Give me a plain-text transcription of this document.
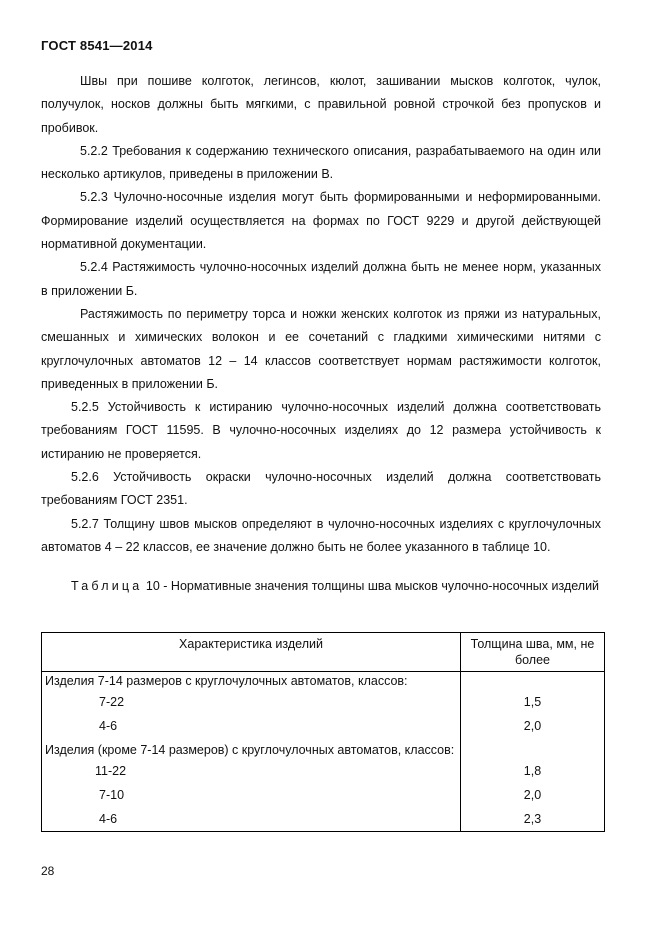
ГОСТ 8541—2014

Швы при пошиве колготок, легинсов, кюлот, зашивании мысков колготок, чулок, получулок, носков должны быть мягкими, с правильной ровной строчкой без пропусков и пробивок.

5.2.2 Требования к содержанию технического описания, разрабатываемого на один или несколько артикулов, приведены в приложении В.

5.2.3 Чулочно-носочные изделия могут быть формированными и неформированными. Формирование изделий осуществляется на формах по ГОСТ 9229 и другой действующей нормативной документации.

5.2.4 Растяжимость чулочно-носочных изделий должна быть не менее норм, указанных в приложении Б.

Растяжимость по периметру торса и ножки женских колготок из пряжи из натуральных, смешанных и химических волокон и ее сочетаний с гладкими химическими нитями с круглочулочных автоматов 12 – 14 классов соответствует нормам растяжимости колготок, приведенных в приложении Б.

5.2.5 Устойчивость к истиранию чулочно-носочных изделий должна соответствовать требованиям ГОСТ 11595. В чулочно-носочных изделиях до 12 размера устойчивость к истиранию не проверяется.

5.2.6 Устойчивость окраски чулочно-носочных изделий должна соответствовать требованиям ГОСТ 2351.

5.2.7 Толщину швов мысков определяют в чулочно-носочных изделиях с круглочулочных автоматов 4 – 22 классов, ее значение должно быть не более указанного в таблице 10.

Таблица 10 - Нормативные значения толщины шва мысков чулочно-носочных изделий
Характеристика изделий	Толщина шва, мм, не более
Изделия 7-14 размеров с круглочулочных автоматов, классов:	
7-22	1,5
4-6	2,0
Изделия (кроме 7-14 размеров) с круглочулочных автоматов, классов:	
11-22	1,8
7-10	2,0
4-6	2,3
28
